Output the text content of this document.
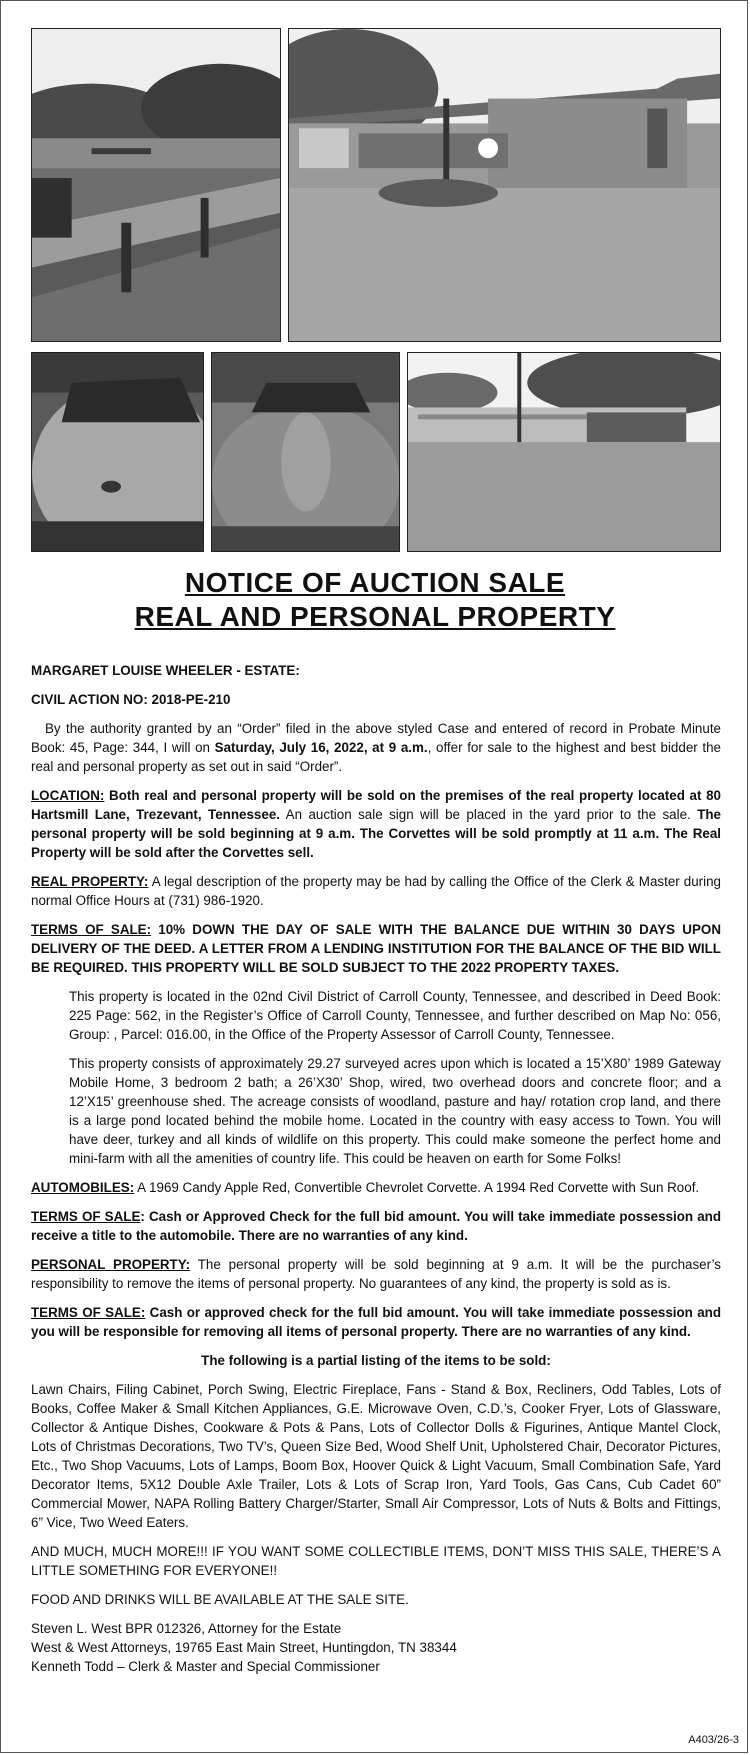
NOTICE OF AUCTION SALE
REAL AND PERSONAL PROPERTY

MARGARET LOUISE WHEELER - ESTATE:

CIVIL ACTION NO: 2018-PE-210

By the authority granted by an “Order” filed in the above styled Case and entered of record in Probate Minute Book: 45, Page: 344, I will on Saturday, July 16, 2022, at 9 a.m., offer for sale to the highest and best bidder the real and personal property as set out in said “Order”.

LOCATION: Both real and personal property will be sold on the premises of the real property located at 80 Hartsmill Lane, Trezevant, Tennessee. An auction sale sign will be placed in the yard prior to the sale. The personal property will be sold beginning at 9 a.m. The Corvettes will be sold promptly at 11 a.m. The Real Property will be sold after the Corvettes sell.

REAL PROPERTY: A legal description of the property may be had by calling the Office of the Clerk & Master during normal Office Hours at (731) 986-1920.

TERMS OF SALE: 10% DOWN THE DAY OF SALE WITH THE BALANCE DUE WITHIN 30 DAYS UPON DELIVERY OF THE DEED. A LETTER FROM A LENDING INSTITUTION FOR THE BALANCE OF THE BID WILL BE REQUIRED. THIS PROPERTY WILL BE SOLD SUBJECT TO THE 2022 PROPERTY TAXES.

This property is located in the 02nd Civil District of Carroll County, Tennessee, and described in Deed Book: 225 Page: 562, in the Register’s Office of Carroll County, Tennessee, and further described on Map No: 056, Group: , Parcel: 016.00, in the Office of the Property Assessor of Carroll County, Tennessee.

This property consists of approximately 29.27 surveyed acres upon which is located a 15’X80’ 1989 Gateway Mobile Home, 3 bedroom 2 bath; a 26’X30’ Shop, wired, two overhead doors and concrete floor; and a 12’X15’ greenhouse shed. The acreage consists of woodland, pasture and hay/ rotation crop land, and there is a large pond located behind the mobile home. Located in the country with easy access to Town. You will have deer, turkey and all kinds of wildlife on this property. This could make someone the perfect home and mini-farm with all the amenities of country life. This could be heaven on earth for Some Folks!

AUTOMOBILES: A 1969 Candy Apple Red, Convertible Chevrolet Corvette. A 1994 Red Corvette with Sun Roof.

TERMS OF SALE: Cash or Approved Check for the full bid amount. You will take immediate possession and receive a title to the automobile. There are no warranties of any kind.

PERSONAL PROPERTY: The personal property will be sold beginning at 9 a.m. It will be the purchaser’s responsibility to remove the items of personal property. No guarantees of any kind, the property is sold as is.

TERMS OF SALE: Cash or approved check for the full bid amount. You will take immediate possession and you will be responsible for removing all items of personal property. There are no warranties of any kind.

The following is a partial listing of the items to be sold:

Lawn Chairs, Filing Cabinet, Porch Swing, Electric Fireplace, Fans - Stand & Box, Recliners, Odd Tables, Lots of Books, Coffee Maker & Small Kitchen Appliances, G.E. Microwave Oven, C.D.’s, Cooker Fryer, Lots of Glassware, Collector & Antique Dishes, Cookware & Pots & Pans, Lots of Collector Dolls & Figurines, Antique Mantel Clock, Lots of Christmas Decorations, Two TV’s, Queen Size Bed, Wood Shelf Unit, Upholstered Chair, Decorator Pictures, Etc., Two Shop Vacuums, Lots of Lamps, Boom Box, Hoover Quick & Light Vacuum, Small Combination Safe, Yard Decorator Items, 5X12 Double Axle Trailer, Lots & Lots of Scrap Iron, Yard Tools, Gas Cans, Cub Cadet 60” Commercial Mower, NAPA Rolling Battery Charger/Starter, Small Air Compressor, Lots of Nuts & Bolts and Fittings, 6” Vice, Two Weed Eaters.

AND MUCH, MUCH MORE!!! IF YOU WANT SOME COLLECTIBLE ITEMS, DON’T MISS THIS SALE, THERE’S A LITTLE SOMETHING FOR EVERYONE!!

FOOD AND DRINKS WILL BE AVAILABLE AT THE SALE SITE.

Steven L. West BPR 012326, Attorney for the Estate

West & West Attorneys, 19765 East Main Street, Huntingdon, TN 38344

Kenneth Todd – Clerk & Master and Special Commissioner

A403/26-3
